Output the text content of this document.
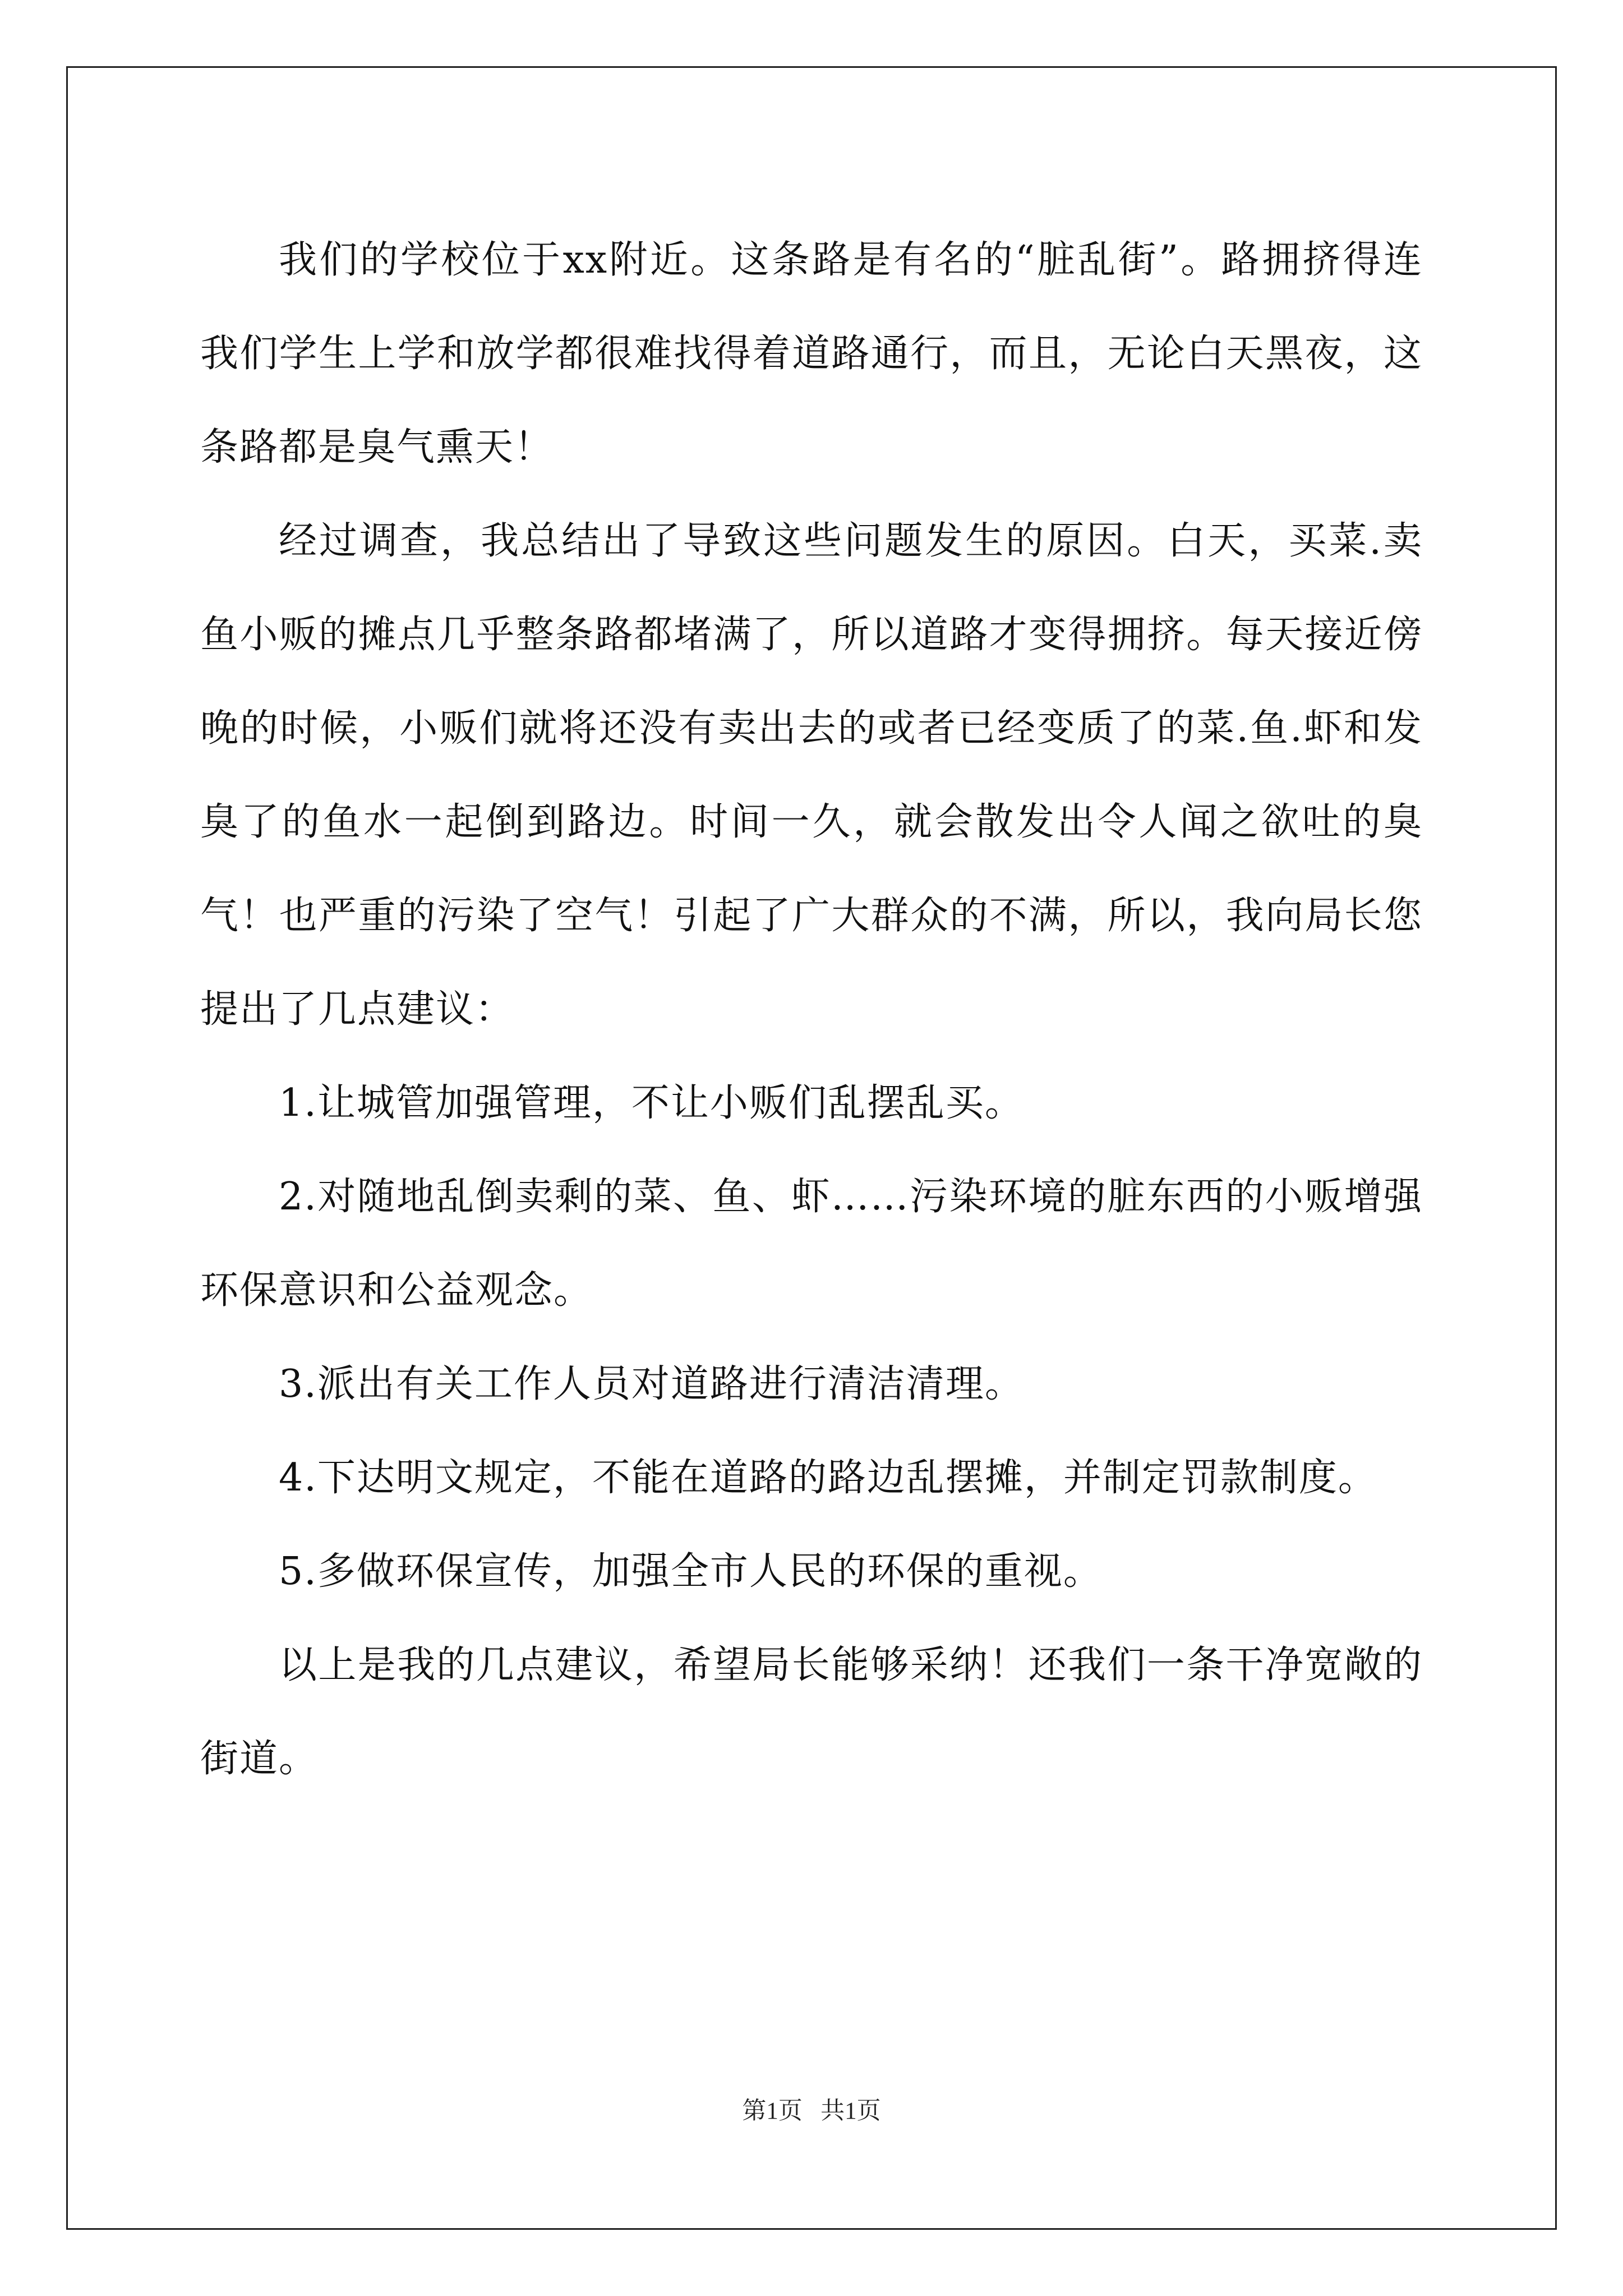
我们的学校位于xx附近。这条路是有名的“脏乱街”。路拥挤得连我们学生上学和放学都很难找得着道路通行，而且，无论白天黑夜，这条路都是臭气熏天！

经过调查，我总结出了导致这些问题发生的原因。白天，买菜.卖鱼小贩的摊点几乎整条路都堵满了，所以道路才变得拥挤。每天接近傍晚的时候，小贩们就将还没有卖出去的或者已经变质了的菜.鱼.虾和发臭了的鱼水一起倒到路边。时间一久，就会散发出令人闻之欲吐的臭气！也严重的污染了空气！引起了广大群众的不满，所以，我向局长您提出了几点建议：

1.让城管加强管理，不让小贩们乱摆乱买。

2.对随地乱倒卖剩的菜、鱼、虾……污染环境的脏东西的小贩增强环保意识和公益观念。

3.派出有关工作人员对道路进行清洁清理。

4.下达明文规定，不能在道路的路边乱摆摊，并制定罚款制度。

5.多做环保宣传，加强全市人民的环保的重视。

以上是我的几点建议，希望局长能够采纳！还我们一条干净宽敞的街道。

第1页   共1页
